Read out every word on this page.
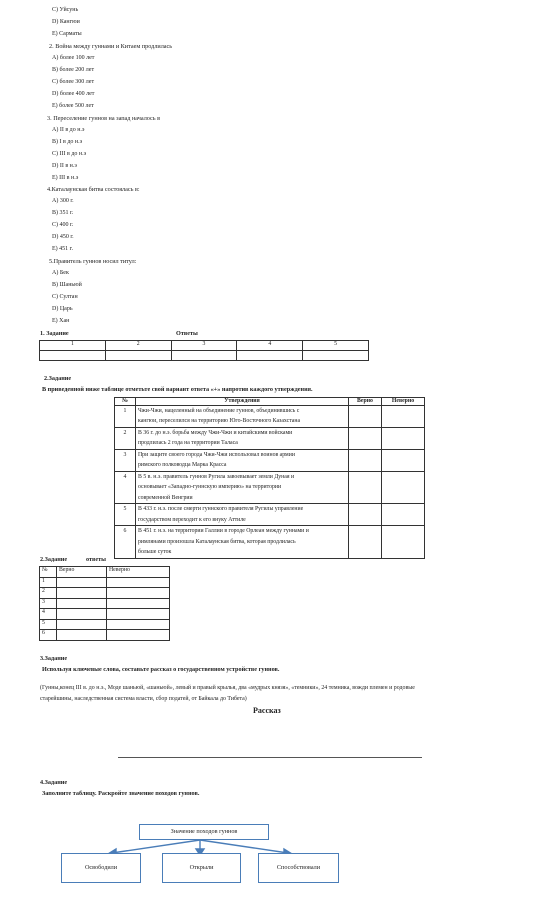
C) Уйсунь
D) Кангюи
E) Сарматы
2. Война между гуннами и Китаем продлилась
A) более 100 лет
B) более 200 лет
C) более 300 лет
D) более 400 лет
E) более 500 лет
3. Переселение гуннов на запад началось в
A) II в до н.э
B) I в до н.э
C) III в до н.э
D) II в н.э
E) III в н.э
4.Каталаунская битва состоялась в:
A) 300 г.
B) 351 г.
C) 400 г.
D) 450 г.
E) 451 г.
5.Правитель гуннов носил титул:
A) Бек
B) Шаньюй
C) Султан
D) Царь
E) Хан
1. Задание	Ответы
1	2	3	4	5

2.Задание
В приведенной ниже таблице отметьте свой вариант ответа «+» напротив каждого утверждения.
№	Утверждения	Верно	Неверно
1	Чжи-Чжи, нацеленный на объединение гуннов, объединившись с
кангюи, переселился на территорию Юго-Восточного Казахстана		

2	В 36 г. до н.э. борьба между Чжи-Чжи и китайскими войсками
продлилась 2 года на территории Таласа		

3	При защите своего города Чжи-Чжи использовал воинов армии
римского полководца Марка Красса		

4	В 5 в. н.э. правитель гуннов Ругила завоевывает земли Дуная и
основывает «Западно-гуннскую империю» на территории
современной Венгрии		

5	В 433 г. н.э. после смерти гуннского правителя Ругилы управление
государством переходит к его внуку Аттиле		

6	В 451 г. н.э. на территории Галлии в городе Орлеан между гуннами и
римлянами произошла Каталаунская битва, которая продлилась
больше суток		

2.Задание	ответы
№	Верно	Неверно
1		
2		
3		
4		
5		
6		
3.Задание
Используя ключевые слова, составьте рассказ о государственном устройстве гуннов.
(Гунны,конец III в. до н.э., Моде шаньюй, «шаньюй», левый и правый крылья, два «мудрых князя», «темники», 24 темника, вожди племен и родовые
старейшины, наследственная система власти, сбор податей, от Байкала до Тибета)
Рассказ
4.Задание
Заполните таблицу. Раскройте значение походов гуннов.
Значение походов гуннов
Освободили	Открыли	Способствовали
